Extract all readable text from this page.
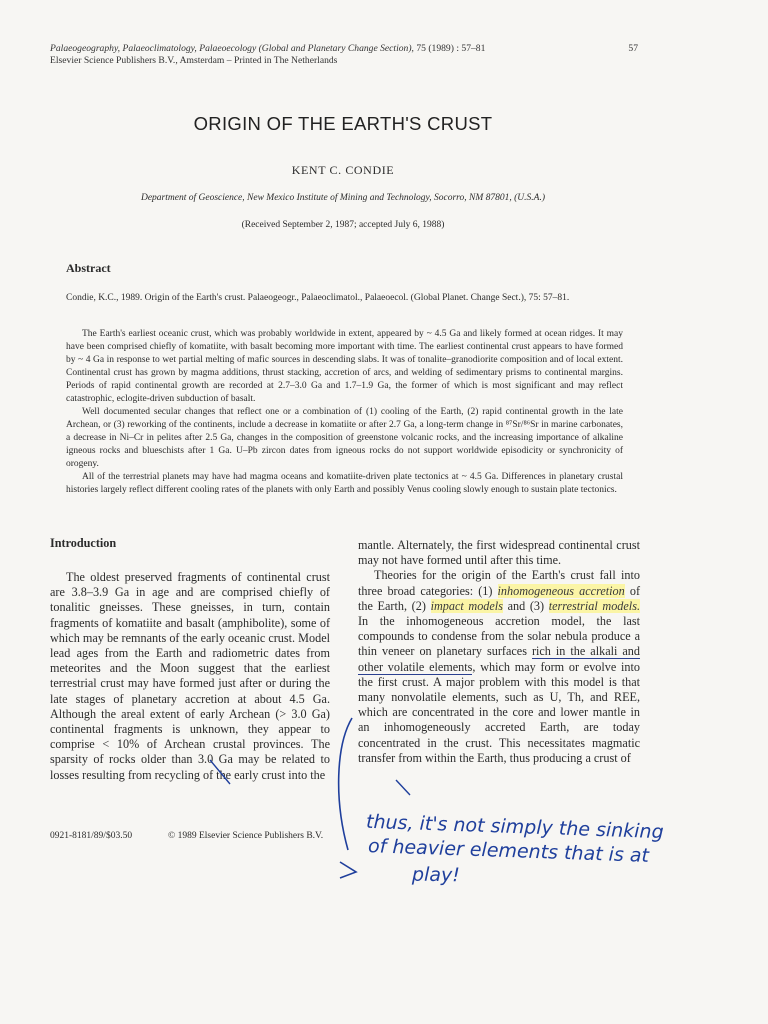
Palaeogeography, Palaeoclimatology, Palaeoecology (Global and Planetary Change Section), 75 (1989) : 57–81
Elsevier Science Publishers B.V., Amsterdam – Printed in The Netherlands
57
ORIGIN OF THE EARTH'S CRUST
KENT C. CONDIE
Department of Geoscience, New Mexico Institute of Mining and Technology, Socorro, NM 87801, (U.S.A.)
(Received September 2, 1987; accepted July 6, 1988)
Abstract
Condie, K.C., 1989. Origin of the Earth's crust. Palaeogeogr., Palaeoclimatol., Palaeoecol. (Global Planet. Change Sect.), 75: 57–81.

The Earth's earliest oceanic crust, which was probably worldwide in extent, appeared by ~ 4.5 Ga and likely formed at ocean ridges. It may have been comprised chiefly of komatiite, with basalt becoming more important with time. The earliest continental crust appears to have formed by ~ 4 Ga in response to wet partial melting of mafic sources in descending slabs. It was of tonalite–granodiorite composition and of local extent. Continental crust has grown by magma additions, thrust stacking, accretion of arcs, and welding of sedimentary prisms to continental margins. Periods of rapid continental growth are recorded at 2.7–3.0 Ga and 1.7–1.9 Ga, the former of which is most significant and may reflect catastrophic, eclogite-driven subduction of basalt.

Well documented secular changes that reflect one or a combination of (1) cooling of the Earth, (2) rapid continental growth in the late Archean, or (3) reworking of the continents, include a decrease in komatiite or after 2.7 Ga, a long-term change in ⁸⁷Sr/⁸⁶Sr in marine carbonates, a decrease in Ni–Cr in pelites after 2.5 Ga, changes in the composition of greenstone volcanic rocks, and the increasing importance of alkaline igneous rocks and blueschists after 1 Ga. U–Pb zircon dates from igneous rocks do not support worldwide episodicity or synchronicity of orogeny.

All of the terrestrial planets may have had magma oceans and komatiite-driven plate tectonics at ~ 4.5 Ga. Differences in planetary crustal histories largely reflect different cooling rates of the planets with only Earth and possibly Venus cooling slowly enough to sustain plate tectonics.

Introduction

The oldest preserved fragments of continental crust are 3.8–3.9 Ga in age and are comprised chiefly of tonalitic gneisses. These gneisses, in turn, contain fragments of komatiite and basalt (amphibolite), some of which may be remnants of the early oceanic crust. Model lead ages from the Earth and radiometric dates from meteorites and the Moon suggest that the earliest terrestrial crust may have formed just after or during the late stages of planetary accretion at about 4.5 Ga. Although the areal extent of early Archean (> 3.0 Ga) continental fragments is unknown, they appear to comprise < 10% of Archean crustal provinces. The sparsity of rocks older than 3.0 Ga may be related to losses resulting from recycling of the early crust into the

mantle. Alternately, the first widespread continental crust may not have formed until after this time.

Theories for the origin of the Earth's crust fall into three broad categories: (1) inhomogeneous accretion of the Earth, (2) impact models and (3) terrestrial models. In the inhomogeneous accretion model, the last compounds to condense from the solar nebula produce a thin veneer on planetary surfaces rich in the alkali and other volatile elements, which may form or evolve into the first crust. A major problem with this model is that many nonvolatile elements, such as U, Th, and REE, which are concentrated in the core and lower mantle in an inhomogeneously accreted Earth, are today concentrated in the crust. This necessitates magmatic transfer from within the Earth, thus producing a crust of

0921-8181/89/$03.50	© 1989 Elsevier Science Publishers B.V. thus, it's not simply the sinking
of heavier elements that is at
play!
